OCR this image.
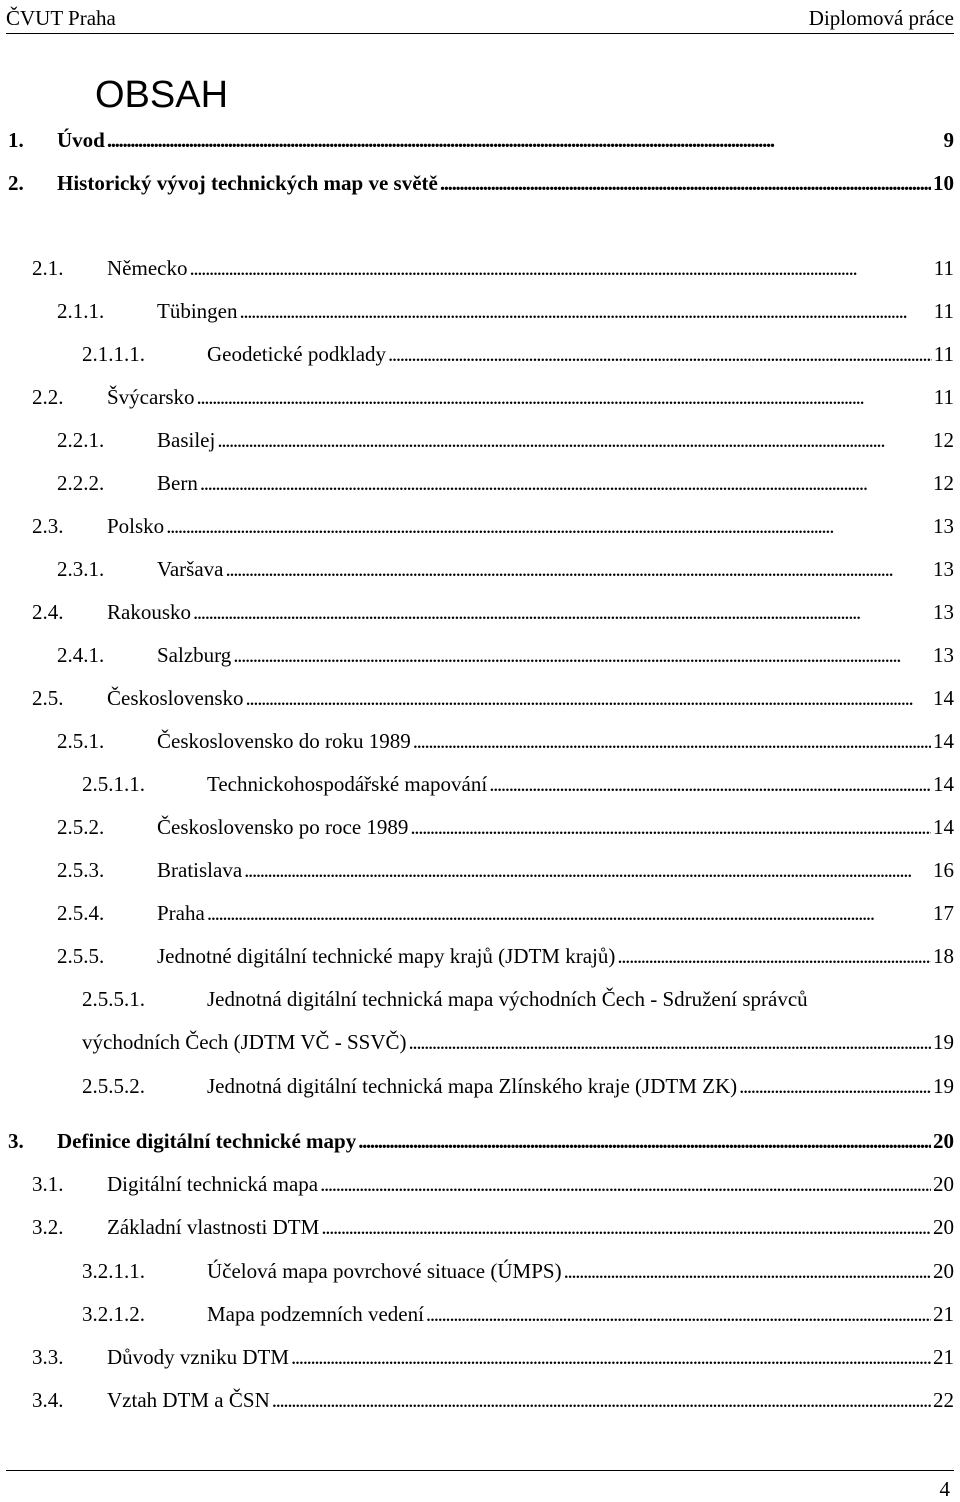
ČVUT Praha	Diplomová práce
OBSAH
1. Úvod . . .	9
2. Historický vývoj technických map ve světě . . .	10
2.1. Německo . . .	11
2.1.1.	Tübingen . . .	11
2.1.1.1.	Geodetické podklady . . .	11
2.2. Švýcarsko . . .	11
2.2.1.	Basilej . . .	12
2.2.2.	Bern . . .	12
2.3. Polsko . . .	13
2.3.1.	Varšava . . .	13
2.4. Rakousko . . .	13
2.4.1.	Salzburg . . .	13
2.5. Československo . . .	14
2.5.1.	Československo do roku 1989 . . .	14
2.5.1.1.	Technickohospodářské mapování . . .	14
2.5.2.	Československo po roce 1989 . . .	14
2.5.3.	Bratislava . . .	16
2.5.4.	Praha . . .	17
2.5.5.	Jednotné digitální technické mapy krajů (JDTM krajů) . . .	18
2.5.5.1.	Jednotná digitální technická mapa východních Čech - Sdružení správců
východních Čech (JDTM VČ - SSVČ) . . .	19
2.5.5.2.	Jednotná digitální technická mapa Zlínského kraje (JDTM ZK) . . .	19
3. Definice digitální technické mapy . . .	20
3.1. Digitální technická mapa . . .	20
3.2. Základní vlastnosti DTM . . .	20
3.2.1.1.	Účelová mapa povrchové situace (ÚMPS) . . .	20
3.2.1.2.	Mapa podzemních vedení . . .	21
3.3. Důvody vzniku DTM . . .	21
3.4. Vztah DTM a ČSN . . .	22
4
